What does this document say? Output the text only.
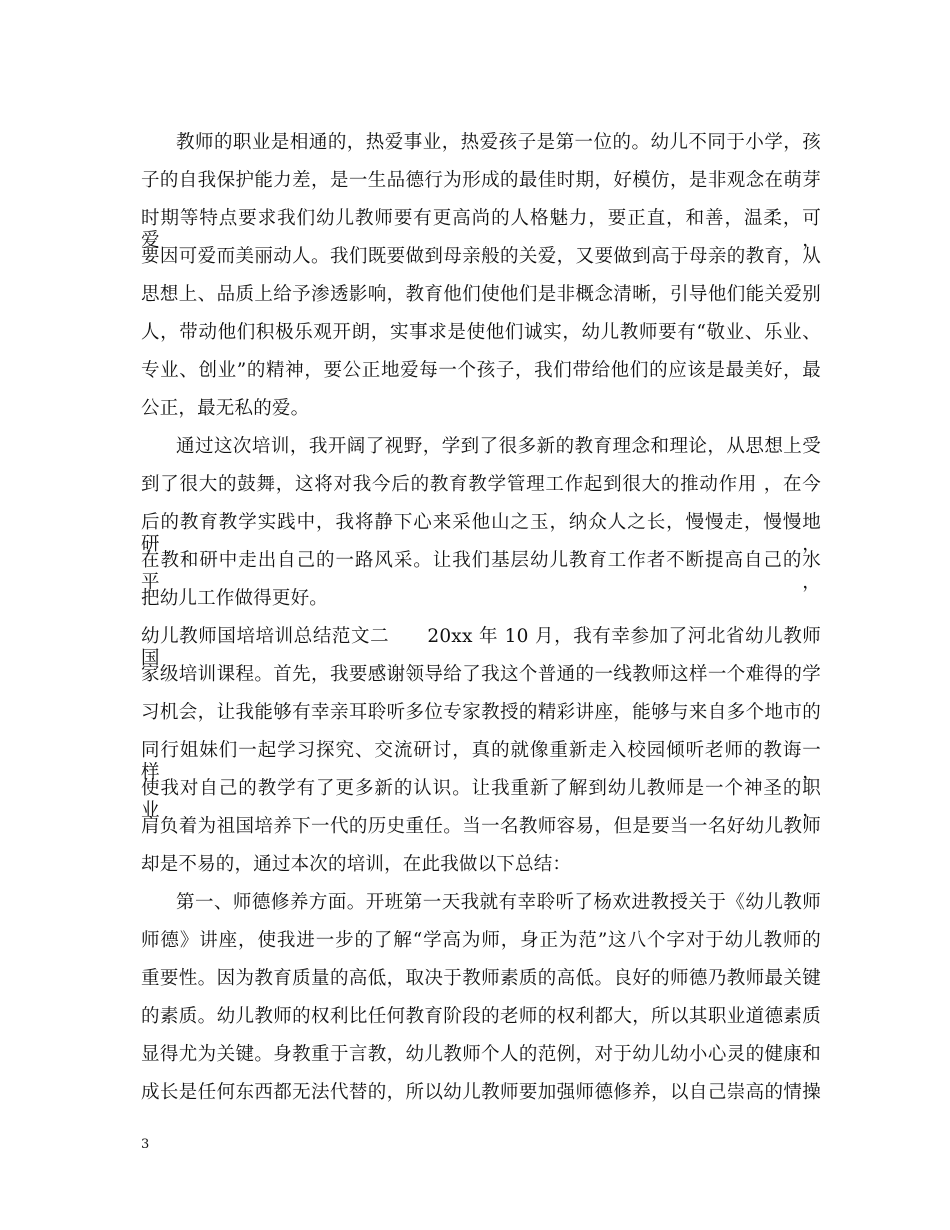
教师的职业是相通的，热爱事业，热爱孩子是第一位的。幼儿不同于小学，孩
子的自我保护能力差，是一生品德行为形成的最佳时期，好模仿，是非观念在萌芽
时期等特点要求我们幼儿教师要有更高尚的人格魅力，要正直，和善，温柔，可爱，
要因可爱而美丽动人。我们既要做到母亲般的关爱，又要做到高于母亲的教育，从
思想上、品质上给予渗透影响，教育他们使他们是非概念清晰，引导他们能关爱别
人，带动他们积极乐观开朗，实事求是使他们诚实，幼儿教师要有“敬业、乐业、
专业、创业”的精神，要公正地爱每一个孩子，我们带给他们的应该是最美好，最
公正，最无私的爱。
通过这次培训，我开阔了视野，学到了很多新的教育理念和理论，从思想上受
到了很大的鼓舞，这将对我今后的教育教学管理工作起到很大的推动作用 ，在今
后的教育教学实践中，我将静下心来采他山之玉，纳众人之长，慢慢走，慢慢地研，
在教和研中走出自己的一路风采。让我们基层幼儿教育工作者不断提高自己的水平，
把幼儿工作做得更好。
幼儿教师国培培训总结范文二　　20xx 年 10 月，我有幸参加了河北省幼儿教师国
家级培训课程。首先，我要感谢领导给了我这个普通的一线教师这样一个难得的学
习机会，让我能够有幸亲耳聆听多位专家教授的精彩讲座，能够与来自多个地市的
同行姐妹们一起学习探究、交流研讨，真的就像重新走入校园倾听老师的教诲一样，
使我对自己的教学有了更多新的认识。让我重新了解到幼儿教师是一个神圣的职业，
肩负着为祖国培养下一代的历史重任。当一名教师容易，但是要当一名好幼儿教师
却是不易的，通过本次的培训，在此我做以下总结：
第一、师德修养方面。开班第一天我就有幸聆听了杨欢进教授关于《幼儿教师
师德》讲座，使我进一步的了解“学高为师，身正为范”这八个字对于幼儿教师的
重要性。因为教育质量的高低，取决于教师素质的高低。良好的师德乃教师最关键
的素质。幼儿教师的权利比任何教育阶段的老师的权利都大，所以其职业道德素质
显得尤为关键。身教重于言教，幼儿教师个人的范例，对于幼儿幼小心灵的健康和
成长是任何东西都无法代替的，所以幼儿教师要加强师德修养，以自己崇高的情操
3
